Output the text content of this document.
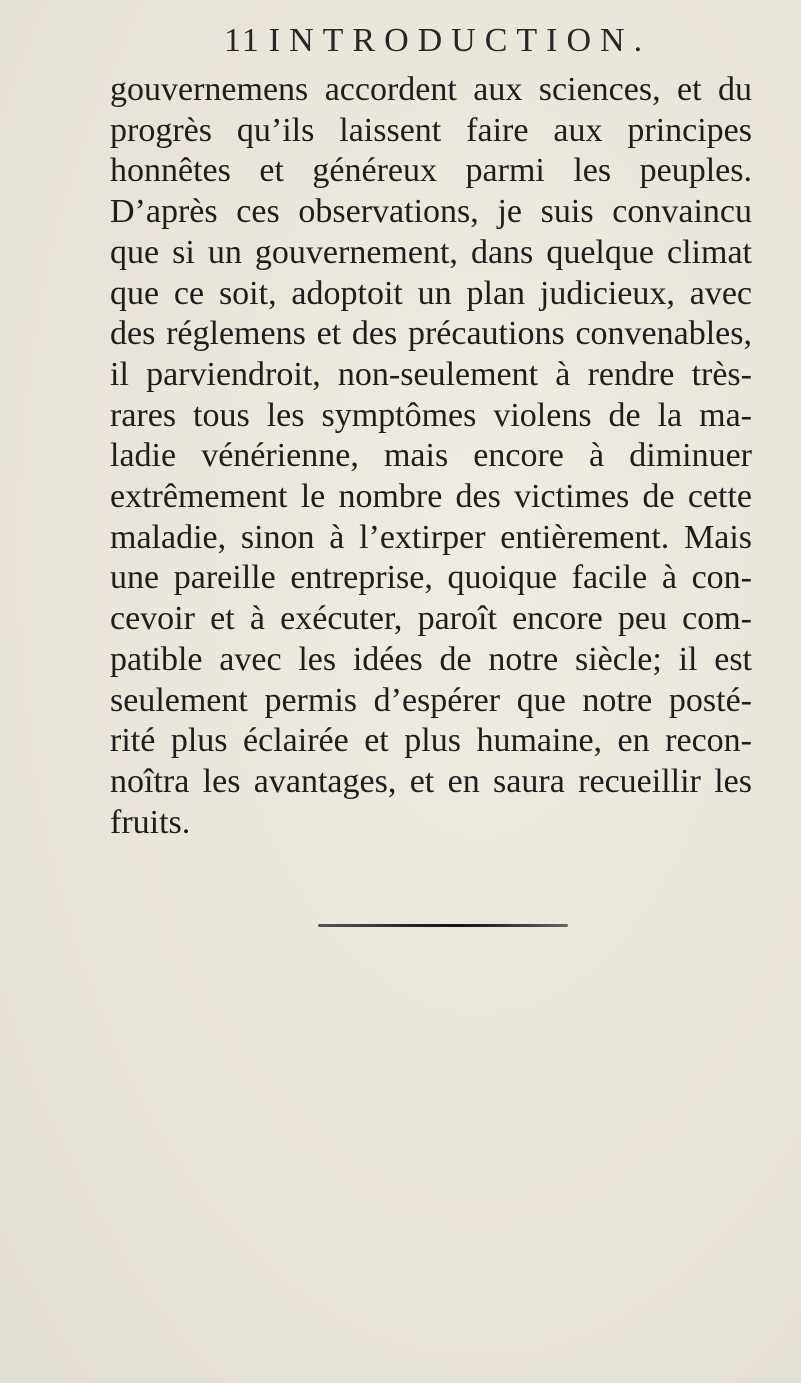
11 INTRODUCTION.
gouvernemens accordent aux sciences, et du
progrès qu’ils laissent faire aux principes
honnêtes et généreux parmi les peuples.
D’après ces observations, je suis convaincu
que si un gouvernement, dans quelque climat
que ce soit, adoptoit un plan judicieux, avec
des réglemens et des précautions convenables,
il parviendroit, non-seulement à rendre très-
rares tous les symptômes violens de la ma-
ladie vénérienne, mais encore à diminuer
extrêmement le nombre des victimes de cette
maladie, sinon à l’extirper entièrement. Mais
une pareille entreprise, quoique facile à con-
cevoir et à exécuter, paroît encore peu com-
patible avec les idées de notre siècle; il est
seulement permis d’espérer que notre posté-
rité plus éclairée et plus humaine, en recon-
noîtra les avantages, et en saura recueillir les
fruits.
